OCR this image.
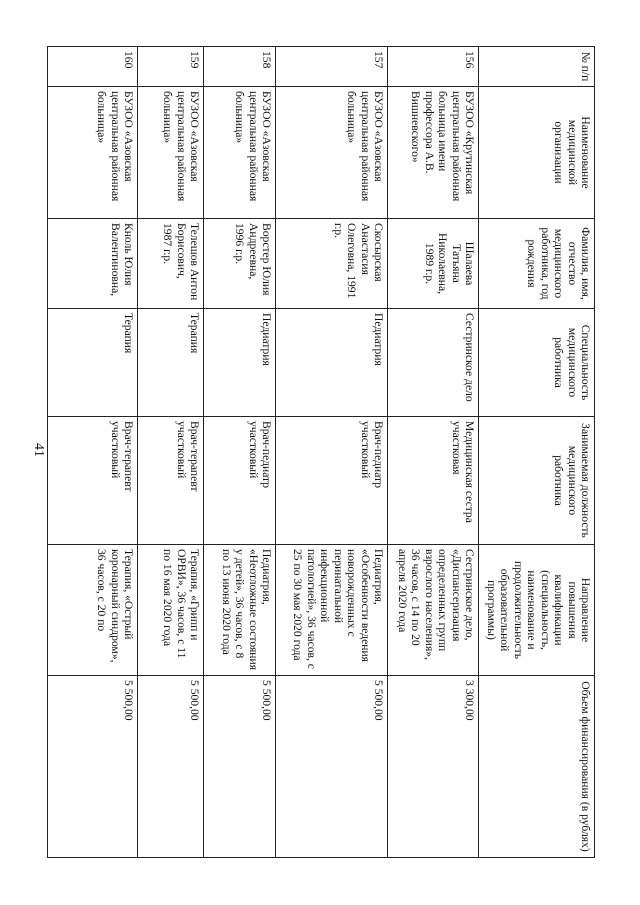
41
№ п/п	Наименование медицинской организации	Фамилия, имя, отчество медицинского работника, год рождения	Специальность медицинского работника	Занимаемая должность медицинского работника	Направление повышения квалификации (специальность, наименование и продолжительность образовательной программы)	Объем финансирования (в рублях)
156	БУЗОО «Крутинская центральная районная больница имени профессора А.В. Вишневского»	Шалаева Татьяна Николаевна, 1989 г.р.	Сестринское дело	Медицинская сестра участковая	Сестринское дело, «Диспансеризация определенных групп взрослого населения», 36 часов, с 14 по 20 апреля 2020 года	3 300,00
157	БУЗОО «Азовская центральная районная больница»	Скосырская Анастасия Олеговна, 1991 г.р.	Педиатрия	Врач-педиатр участковый	Педиатрия, «Особенности ведения новорожденных с перинатальной инфекционной патологией», 36 часов, с 25 по 30 мая 2020 года	5 500,00
158	БУЗОО «Азовская центральная районная больница»	Ворстер Юлия Андреевна, 1996 г.р.	Педиатрия	Врач-педиатр участковый	Педиатрия, «Неотложные состояния у детей», 36 часов, с 8 по 13 июня 2020 года	5 500,00
159	БУЗОО «Азовская центральная районная больница»	Телешов Антон Борисович, 1987 г.р.	Терапия	Врач-терапевт участковый	Терапия, «Грипп и ОРВИ», 36 часов, с 11 по 16 мая 2020 года	5 500,00
160	БУЗОО «Азовская центральная районная больница»	Кноль Юлия Валентиновна,	Терапия	Врач-терапевт участковый	Терапия, «Острый коронарный синдром», 36 часов, с 20 по	5 500,00
